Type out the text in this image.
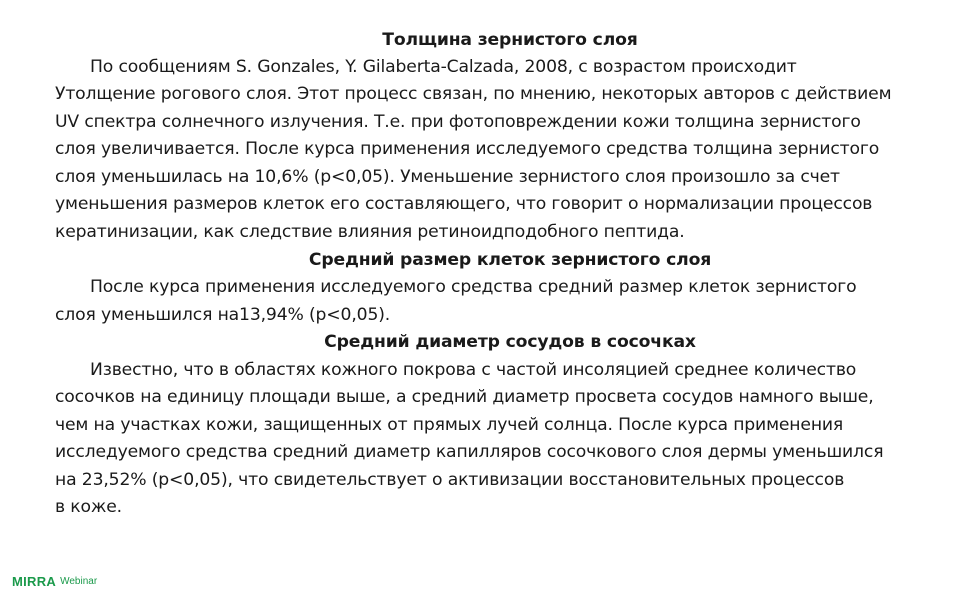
Толщина зернистого слоя
По сообщениям S. Gonzales, Y. Gilaberta-Calzada, 2008, с возрастом происходит
Утолщение рогового слоя. Этот процесс связан, по мнению, некоторых авторов с действием
UV спектра солнечного излучения. Т.е. при фотоповреждении кожи толщина зернистого
слоя увеличивается. После курса применения исследуемого средства толщина зернистого
слоя уменьшилась на 10,6% (p<0,05). Уменьшение зернистого слоя произошло за счет
уменьшения размеров клеток его составляющего, что говорит о нормализации процессов
кератинизации, как следствие влияния ретиноидподобного пептида.
Средний размер клеток зернистого слоя
После курса применения исследуемого средства средний размер клеток зернистого
слоя уменьшился на13,94% (p<0,05).
Средний диаметр сосудов в сосочках
Известно, что в областях кожного покрова с частой инсоляцией среднее количество
сосочков на единицу площади выше, а средний диаметр просвета сосудов намного выше,
чем на участках кожи, защищенных от прямых лучей солнца. После курса применения
исследуемого средства средний диаметр капилляров сосочкового слоя дермы уменьшился
на 23,52% (p<0,05), что свидетельствует о активизации восстановительных процессов
в коже.
MIRRA Webinar
